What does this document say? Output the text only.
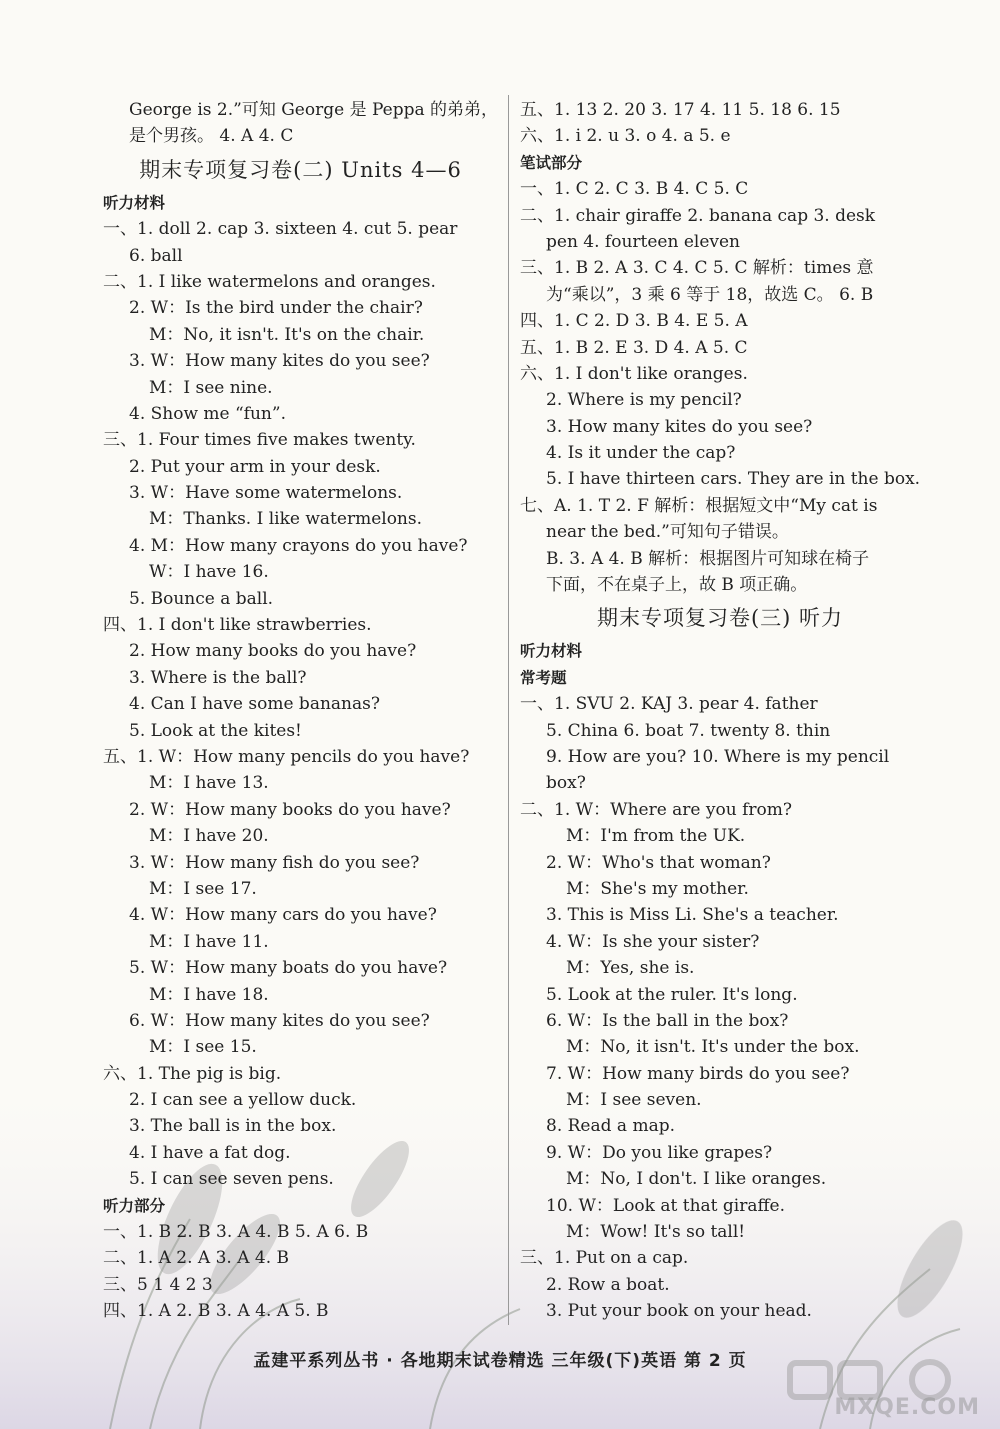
George is 2.”可知 George 是 Peppa 的弟弟，
是个男孩。 4. A 4. C
期末专项复习卷(二) Units 4—6
听力材料
一、1. doll 2. cap 3. sixteen 4. cut 5. pear
6. ball
二、1. I like watermelons and oranges.
2. W：Is the bird under the chair?
M：No, it isn't. It's on the chair.
3. W：How many kites do you see?
M：I see nine.
4. Show me “fun”.
三、1. Four times five makes twenty.
2. Put your arm in your desk.
3. W：Have some watermelons.
M：Thanks. I like watermelons.
4. M：How many crayons do you have?
W：I have 16.
5. Bounce a ball.
四、1. I don't like strawberries.
2. How many books do you have?
3. Where is the ball?
4. Can I have some bananas?
5. Look at the kites!
五、1. W：How many pencils do you have?
M：I have 13.
2. W：How many books do you have?
M：I have 20.
3. W：How many fish do you see?
M：I see 17.
4. W：How many cars do you have?
M：I have 11.
5. W：How many boats do you have?
M：I have 18.
6. W：How many kites do you see?
M：I see 15.
六、1. The pig is big.
2. I can see a yellow duck.
3. The ball is in the box.
4. I have a fat dog.
5. I can see seven pens.
听力部分
一、1. B 2. B 3. A 4. B 5. A 6. B
二、1. A 2. A 3. A 4. B
三、5 1 4 2 3
四、1. A 2. B 3. A 4. A 5. B
五、1. 13 2. 20 3. 17 4. 11 5. 18 6. 15
六、1. i 2. u 3. o 4. a 5. e
笔试部分
一、1. C 2. C 3. B 4. C 5. C
二、1. chair giraffe 2. banana cap 3. desk
pen 4. fourteen eleven
三、1. B 2. A 3. C 4. C 5. C 解析：times 意
为“乘以”，3 乘 6 等于 18，故选 C。 6. B
四、1. C 2. D 3. B 4. E 5. A
五、1. B 2. E 3. D 4. A 5. C
六、1. I don't like oranges.
2. Where is my pencil?
3. How many kites do you see?
4. Is it under the cap?
5. I have thirteen cars. They are in the box.
七、A. 1. T 2. F 解析：根据短文中“My cat is
near the bed.”可知句子错误。
B. 3. A 4. B 解析：根据图片可知球在椅子
下面，不在桌子上，故 B 项正确。
期末专项复习卷(三) 听力
听力材料
常考题
一、1. SVU 2. KAJ 3. pear 4. father
5. China 6. boat 7. twenty 8. thin
9. How are you? 10. Where is my pencil
box?
二、1. W：Where are you from?
M：I'm from the UK.
2. W：Who's that woman?
M：She's my mother.
3. This is Miss Li. She's a teacher.
4. W：Is she your sister?
M：Yes, she is.
5. Look at the ruler. It's long.
6. W：Is the ball in the box?
M：No, it isn't. It's under the box.
7. W：How many birds do you see?
M：I see seven.
8. Read a map.
9. W：Do you like grapes?
M：No, I don't. I like oranges.
10. W：Look at that giraffe.
M：Wow! It's so tall!
三、1. Put on a cap.
2. Row a boat.
3. Put your book on your head.
孟建平系列丛书 · 各地期末试卷精选 三年级(下)英语 第 2 页
MXQE.COM
